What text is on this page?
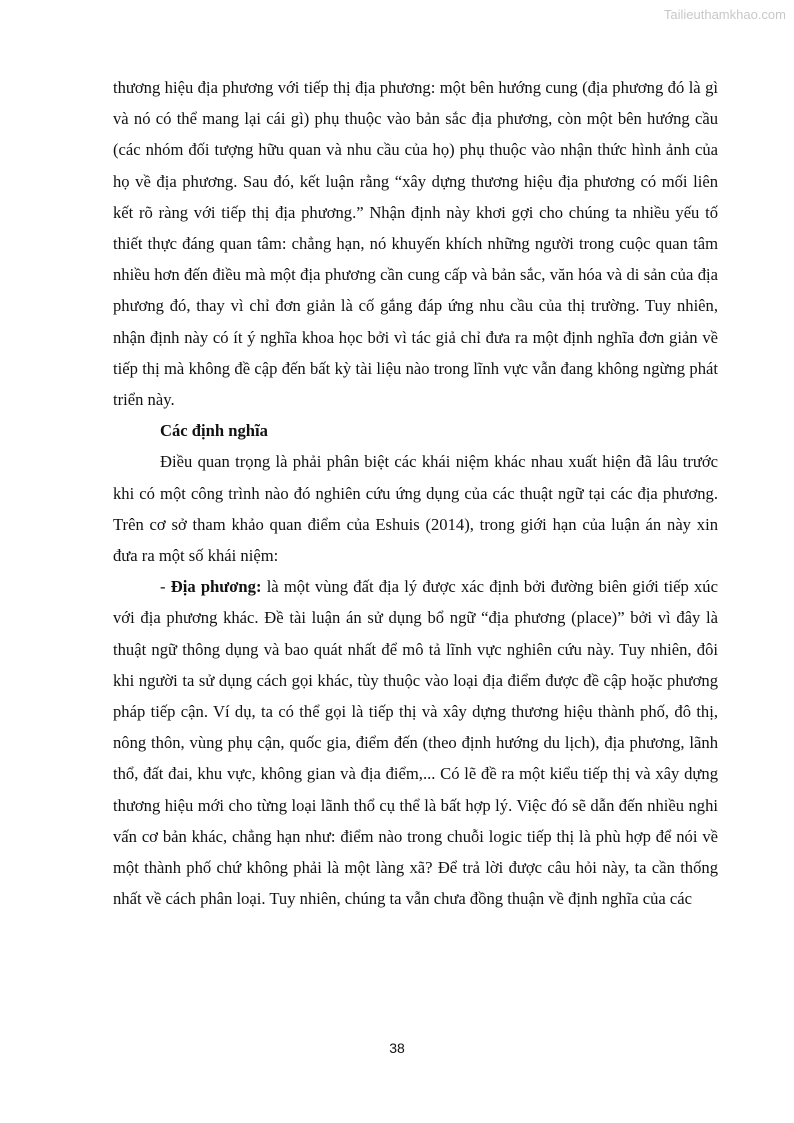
Tailieuthamkhao.com

thương hiệu địa phương với tiếp thị địa phương: một bên hướng cung (địa phương đó là gì và nó có thể mang lại cái gì) phụ thuộc vào bản sắc địa phương, còn một bên hướng cầu (các nhóm đối tượng hữu quan và nhu cầu của họ) phụ thuộc vào nhận thức hình ảnh của họ về địa phương. Sau đó, kết luận rằng “xây dựng thương hiệu địa phương có mối liên kết rõ ràng với tiếp thị địa phương.” Nhận định này khơi gợi cho chúng ta nhiều yếu tố thiết thực đáng quan tâm: chẳng hạn, nó khuyến khích những người trong cuộc quan tâm nhiều hơn đến điều mà một địa phương cần cung cấp và bản sắc, văn hóa và di sản của địa phương đó, thay vì chỉ đơn giản là cố gắng đáp ứng nhu cầu của thị trường. Tuy nhiên, nhận định này có ít ý nghĩa khoa học bởi vì tác giả chỉ đưa ra một định nghĩa đơn giản về tiếp thị mà không đề cập đến bất kỳ tài liệu nào trong lĩnh vực vẫn đang không ngừng phát triển này.

Các định nghĩa

Điều quan trọng là phải phân biệt các khái niệm khác nhau xuất hiện đã lâu trước khi có một công trình nào đó nghiên cứu ứng dụng của các thuật ngữ tại các địa phương. Trên cơ sở tham khảo quan điểm của Eshuis (2014), trong giới hạn của luận án này xin đưa ra một số khái niệm:

- Địa phương: là một vùng đất địa lý được xác định bởi đường biên giới tiếp xúc với địa phương khác. Đề tài luận án sử dụng bổ ngữ “địa phương (place)” bởi vì đây là thuật ngữ thông dụng và bao quát nhất để mô tả lĩnh vực nghiên cứu này. Tuy nhiên, đôi khi người ta sử dụng cách gọi khác, tùy thuộc vào loại địa điểm được đề cập hoặc phương pháp tiếp cận. Ví dụ, ta có thể gọi là tiếp thị và xây dựng thương hiệu thành phố, đô thị, nông thôn, vùng phụ cận, quốc gia, điểm đến (theo định hướng du lịch), địa phương, lãnh thổ, đất đai, khu vực, không gian và địa điểm,... Có lẽ đề ra một kiểu tiếp thị và xây dựng thương hiệu mới cho từng loại lãnh thổ cụ thể là bất hợp lý. Việc đó sẽ dẫn đến nhiều nghi vấn cơ bản khác, chẳng hạn như: điểm nào trong chuỗi logic tiếp thị là phù hợp để nói về một thành phố chứ không phải là một làng xã? Để trả lời được câu hỏi này, ta cần thống nhất về cách phân loại. Tuy nhiên, chúng ta vẫn chưa đồng thuận về định nghĩa của các

38
